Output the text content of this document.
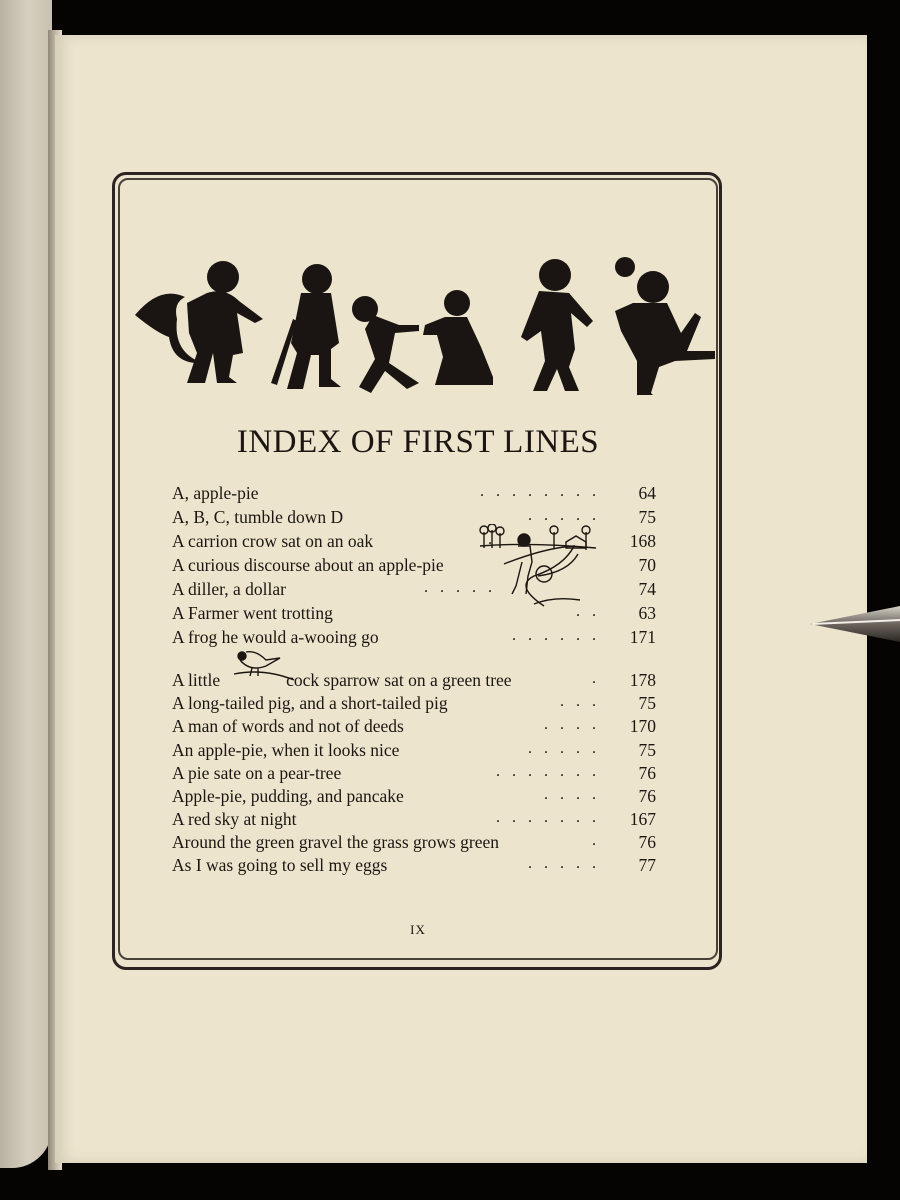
INDEX OF FIRST LINES
A, apple-pie	. . . . . . . . 64
A, B, C, tumble down D	. . . . . 75
A carrion crow sat on an oak	.	168
A curious discourse about an apple-pie	70
A diller, a dollar	. . . . .	74
A Farmer went trotting	. . 63
A frog he would a-wooing go	. . . . . . 171
A little	cock sparrow sat on a green tree	. 178
A long-tailed pig, and a short-tailed pig	. . . 75
A man of words and not of deeds	. . . . 170
An apple-pie, when it looks nice	. . . . . 75
A pie sate on a pear-tree	. . . . . . . 76
Apple-pie, pudding, and pancake	. . . . 76
A red sky at night	. . . . . . . 167
Around the green gravel the grass grows green	. 76
As I was going to sell my eggs	. . . . . 77
IX
